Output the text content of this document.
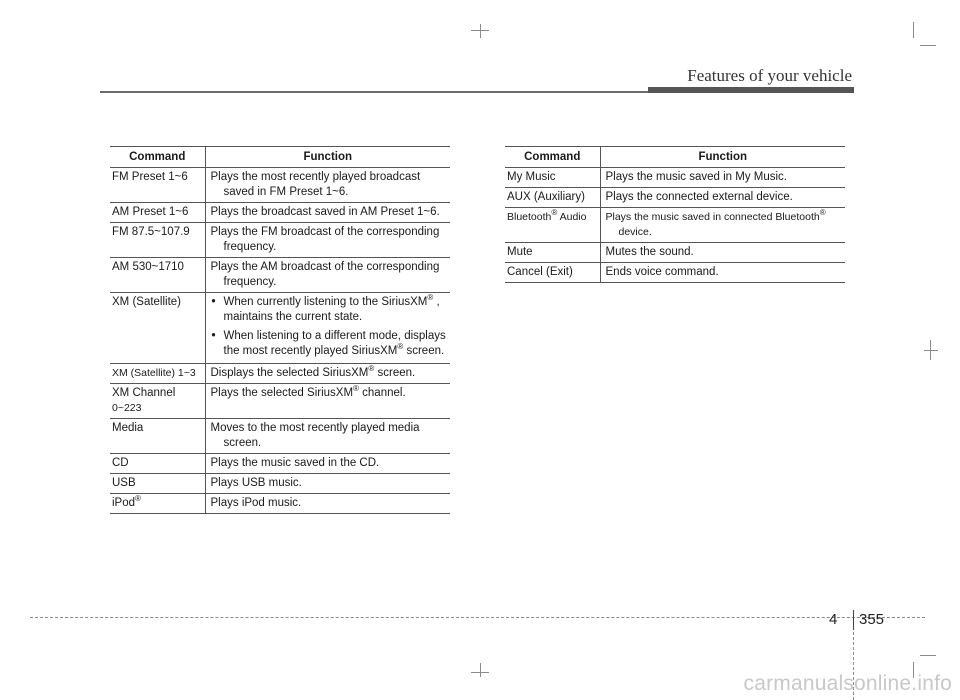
Features of your vehicle
Command	Function
FM Preset 1~6	Plays the most recently played broadcast
saved in FM Preset 1~6.

AM Preset 1~6	Plays the broadcast saved in AM Preset 1~6.
FM 87.5~107.9	Plays the FM broadcast of the corresponding
frequency.

AM 530~1710	Plays the AM broadcast of the corresponding
frequency.

XM (Satellite)	• When currently listening to the SiriusXM® ,
maintains the current state.
• When listening to a different mode, displays
the most recently played SiriusXM® screen.

XM (Satellite) 1~3	Displays the selected SiriusXM® screen.
XM Channel
0~223	Plays the selected SiriusXM® channel.
Media	Moves to the most recently played media
screen.

CD	Plays the music saved in the CD.
USB	Plays USB music.
iPod®	Plays iPod music.
Command	Function
My Music	Plays the music saved in My Music.
AUX (Auxiliary)	Plays the connected external device.
Bluetooth® Audio	Plays the music saved in connected Bluetooth®
device.

Mute	Mutes the sound.
Cancel (Exit)	Ends voice command.
4 355
carmanualsonline.info
